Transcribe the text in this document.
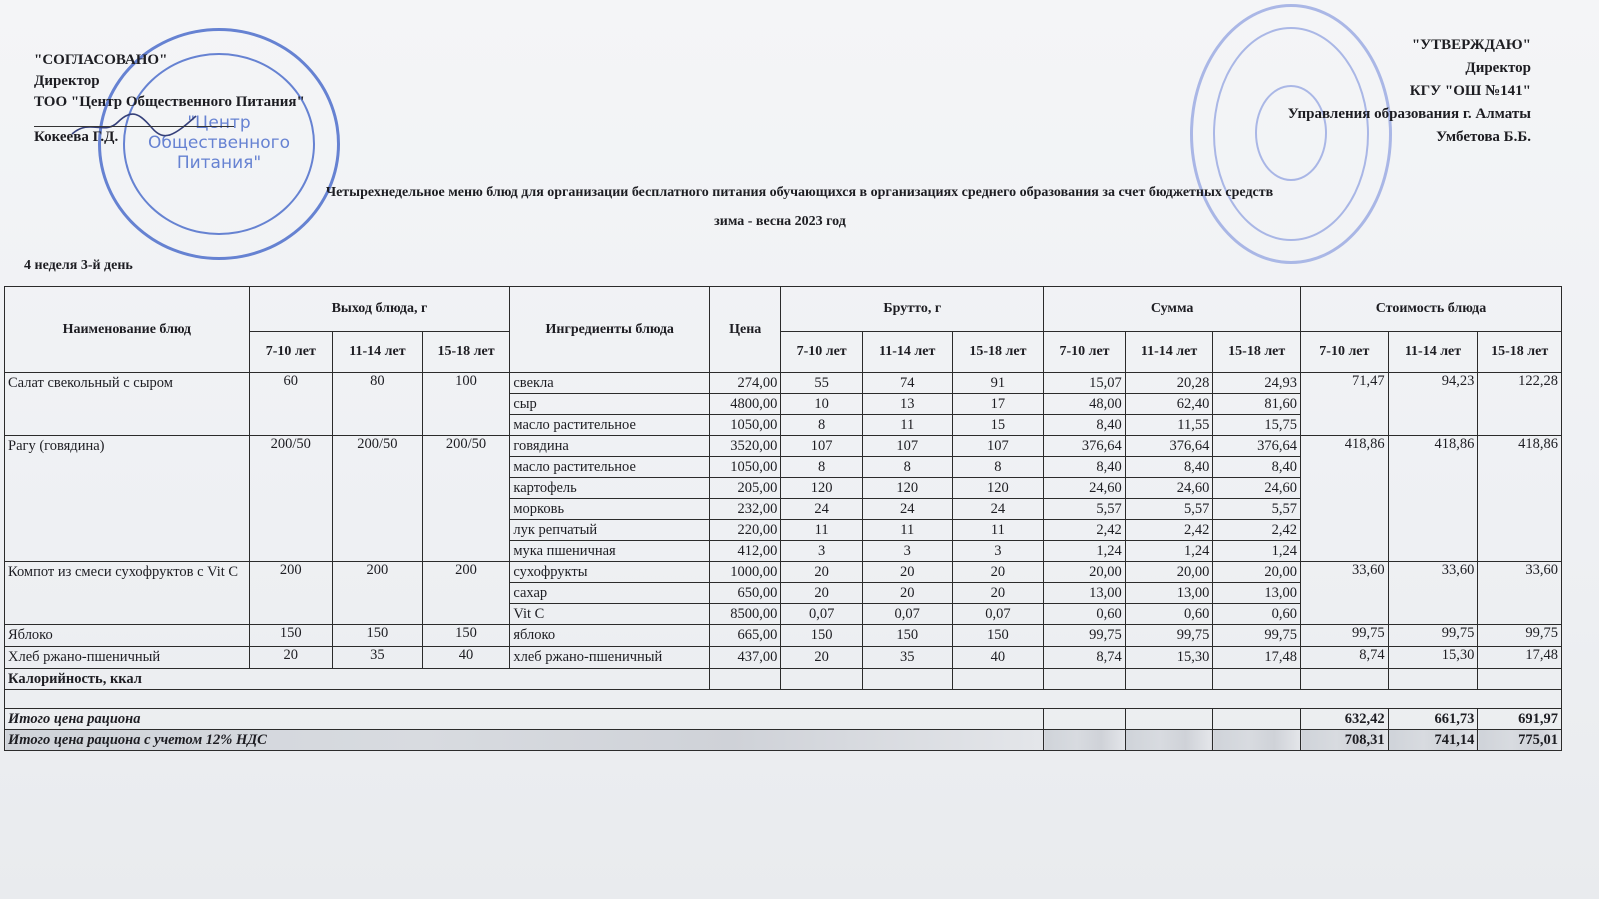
"Центр
Общественного
Питания"
"СОГЛАСОВАНО"
Директор
ТОО "Центр Общественного Питания"
Кокеева Г.Д.
"УТВЕРЖДАЮ"
Директор
КГУ "ОШ №141"
Управления образования г. Алматы
Умбетова Б.Б.
Четырехнедельное меню блюд для организации бесплатного питания обучающихся в организациях среднего образования за счет бюджетных средств
зима - весна 2023 год
4 неделя 3-й день
Наименование блюд	Выход блюда, г			Ингредиенты блюда	Цена	Брутто, г			Сумма			Стоимость блюда		
	7-10 лет	11-14 лет	15-18 лет			7-10 лет	11-14 лет	15-18 лет	7-10 лет	11-14 лет	15-18 лет	7-10 лет	11-14 лет	15-18 лет
Салат свекольный с сыром	60	80	100	свекла	274,00	55	74	91	15,07	20,28	24,93	71,47	94,23	122,28
				сыр	4800,00	10	13	17	48,00	62,40	81,60			
				масло растительное	1050,00	8	11	15	8,40	11,55	15,75			
Рагу (говядина)	200/50	200/50	200/50	говядина	3520,00	107	107	107	376,64	376,64	376,64	418,86	418,86	418,86
				масло растительное	1050,00	8	8	8	8,40	8,40	8,40			
				картофель	205,00	120	120	120	24,60	24,60	24,60			
				морковь	232,00	24	24	24	5,57	5,57	5,57			
				лук репчатый	220,00	11	11	11	2,42	2,42	2,42			
				мука пшеничная	412,00	3	3	3	1,24	1,24	1,24			
Компот из смеси сухофруктов с Vit C	200	200	200	сухофрукты	1000,00	20	20	20	20,00	20,00	20,00	33,60	33,60	33,60
				сахар	650,00	20	20	20	13,00	13,00	13,00			
				Vit C	8500,00	0,07	0,07	0,07	0,60	0,60	0,60			
Яблоко	150	150	150	яблоко	665,00	150	150	150	99,75	99,75	99,75	99,75	99,75	99,75
Хлеб ржано-пшеничный	20	35	40	хлеб ржано-пшеничный	437,00	20	35	40	8,74	15,30	17,48	8,74	15,30	17,48
Калорийность, ккал														

Итого цена рациона												632,42	661,73	691,97
Итого цена рациона с учетом 12% НДС												708,31	741,14	775,01
